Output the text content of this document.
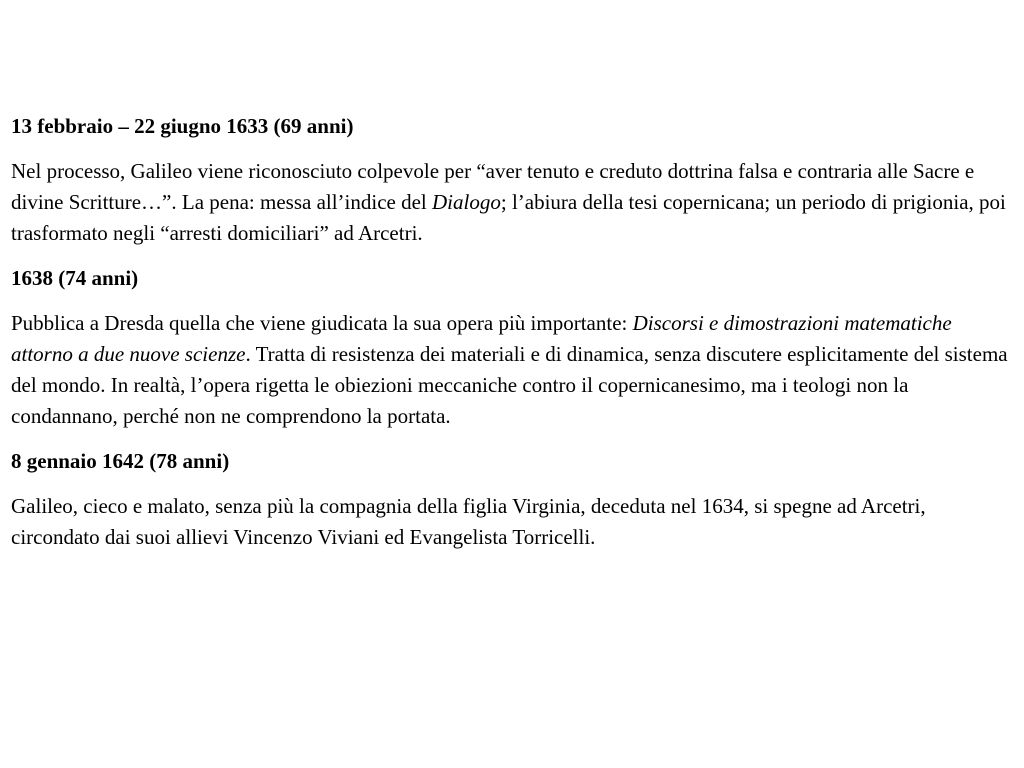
13 febbraio – 22 giugno 1633 (69 anni)
Nel processo, Galileo viene riconosciuto colpevole per “aver tenuto e creduto dottrina falsa e contraria alle Sacre e divine Scritture…”. La pena: messa all’indice del Dialogo; l’abiura della tesi copernicana; un periodo di prigionia, poi trasformato negli “arresti domiciliari” ad Arcetri.
1638 (74 anni)
Pubblica a Dresda quella che viene giudicata la sua opera più importante: Discorsi e dimostrazioni matematiche attorno a due nuove scienze. Tratta di resistenza dei materiali e di dinamica, senza discutere esplicitamente del sistema del mondo. In realtà, l’opera rigetta le obiezioni meccaniche contro il copernicanesimo, ma i teologi non la condannano, perché non ne comprendono la portata.
8 gennaio 1642 (78 anni)
Galileo, cieco e malato, senza più la compagnia della figlia Virginia, deceduta nel 1634, si spegne ad Arcetri, circondato dai suoi allievi Vincenzo Viviani ed Evangelista Torricelli.
